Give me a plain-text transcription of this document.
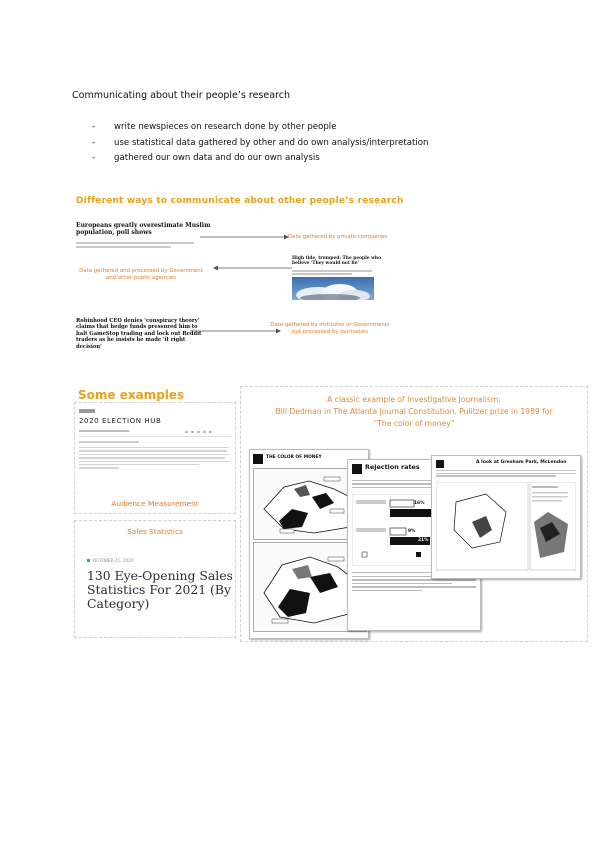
Communicating about their people’s research
- write newspieces on research done by other people
- use statistical data gathered by other and do own analysis/interpretation
- gathered our own data and do our own analysis
Different ways to communicate about other people’s research
Europeans greatly overestimate Muslim population, poll shows
Data gathered by private companies
High tide, trumped: The people who believe 'They would not lie'
Data gathered and processed by Government and other public agencies
Robinhood CEO denies 'conspiracy theory' claims that hedge funds pressured him to halt GameStop trading and lock out Reddit traders as he insists he made 'it right decision'
Data gathered by institutes or Governments but processed by journalists
Some examples
2020 ELECTION HUB
▪ ▪ ▪ ▪ ▪
Audience Measurement
Sales Statistics
OCTOBER 21, 2020
130 Eye-Opening Sales Statistics For 2021 (By Category)
A classic example of Investigative Journalism:
Bill Dedman in The Atlanta Journal Constitution. Pulitzer prize in 1989 for
“The color of money”
THE COLOR OF MONEY
Rejection rates
16%
9%
21%
A look at Gresham Park, McLendon
